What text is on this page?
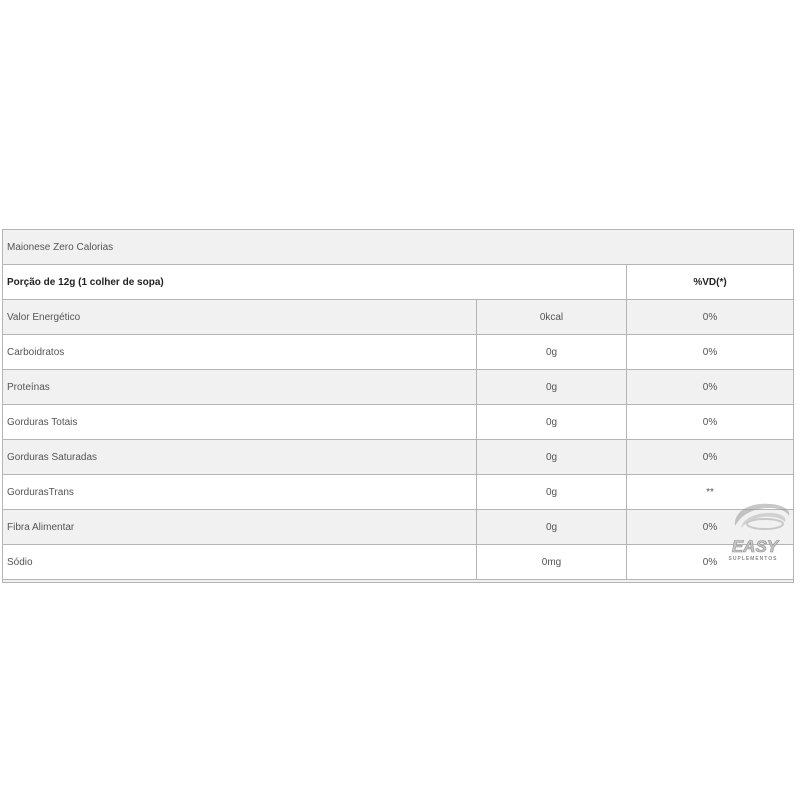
Maionese Zero Calorias		
Porção de 12g (1 colher de sopa)		%VD(*)
Valor Energético	0kcal	0%
Carboidratos	0g	0%
Proteínas	0g	0%
Gorduras Totais	0g	0%
Gorduras Saturadas	0g	0%
GordurasTrans	0g	**
Fibra Alimentar	0g	0%
Sódio	0mg	0%

EASY
SUPLEMENTOS
